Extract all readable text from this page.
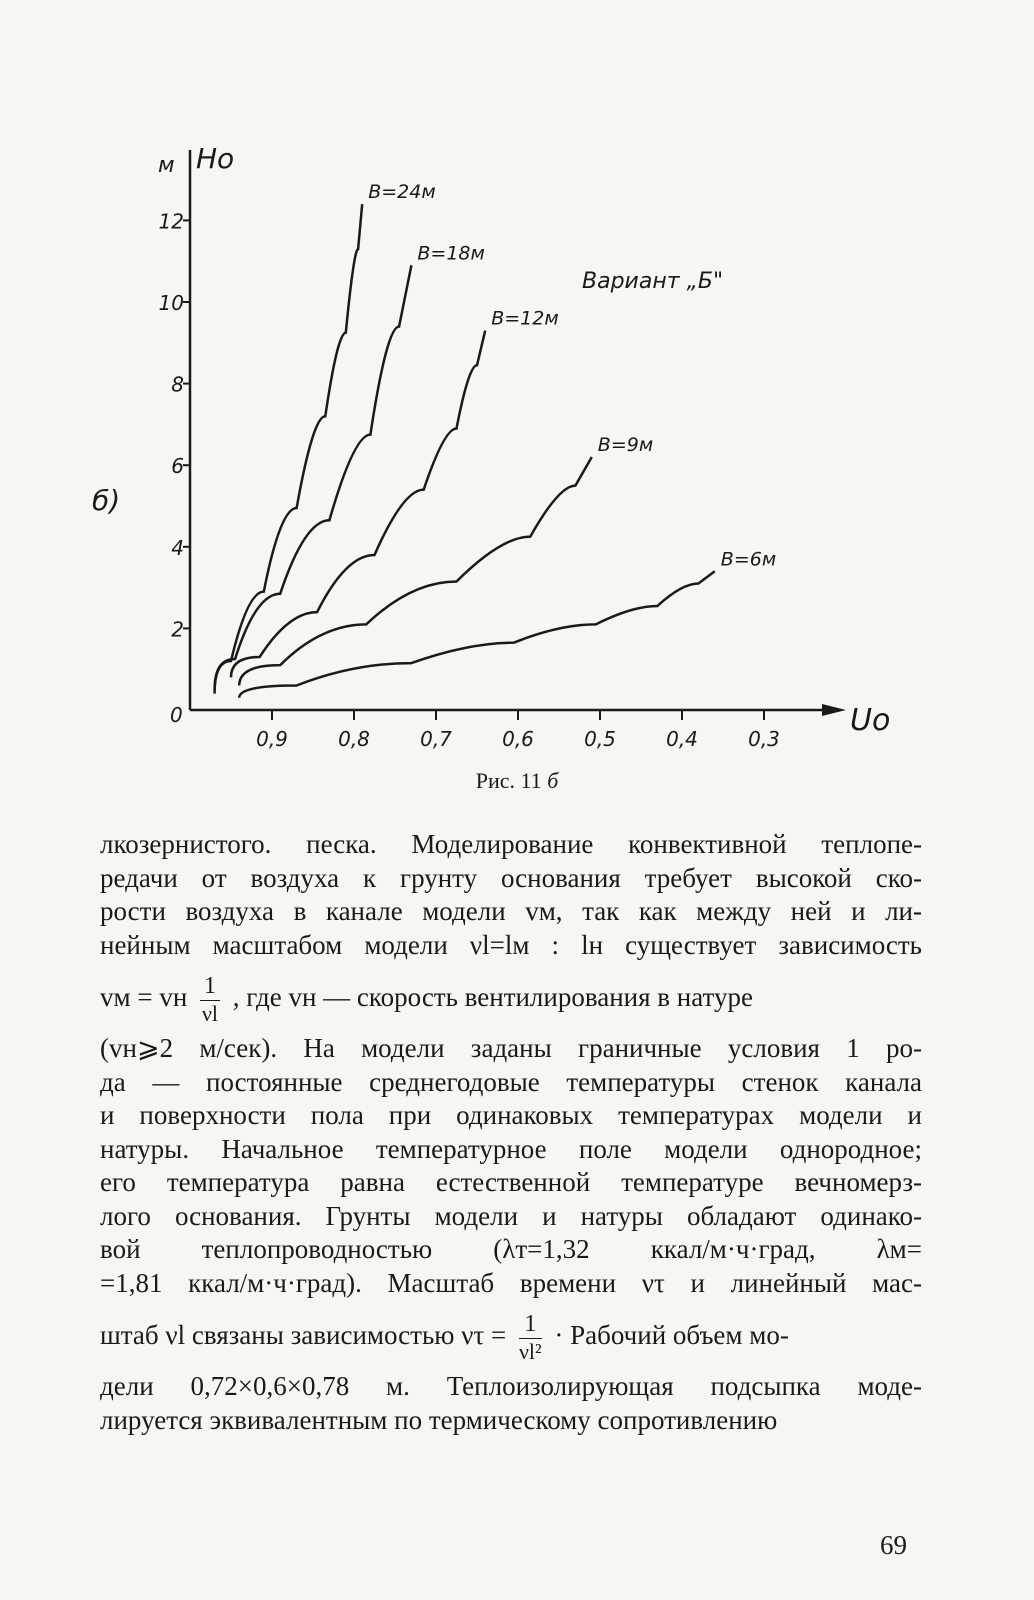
м Hо
Uо
б)
Вариант „Б"
0
2
4
6
8
10
12
0,9	0,8	0,7	0,6	0,5	0,4	0,3
B=24м
B=18м
B=12м
B=9м
B=6м
Рис. 11 б
лкозернистого. песка. Моделирование конвективной теплопе-
редачи от воздуха к грунту основания требует высокой ско-
рости воздуха в канале модели vм, так как между ней и ли-
нейным масштабом модели νl=lм : lн существует зависимость
vм = vн $\frac{1}{\nu l}$ , где vн — скорость вентилирования в натуре
(vн⩾2 м/сек). На модели заданы граничные условия 1 ро-
да — постоянные среднегодовые температуры стенок канала
и поверхности пола при одинаковых температурах модели и
натуры. Начальное температурное поле модели однородное;
его температура равна естественной температуре вечномерз-
лого основания. Грунты модели и натуры обладают одинако-
вой теплопроводностью (λт=1,32 ккал/м·ч·град, λм=
=1,81 ккал/м·ч·град). Масштаб времени ντ и линейный мас-
штаб νl связаны зависимостью $\nu\tau = \frac{1}{\text{νl²}}$ · Рабочий объем мо-
дели 0,72×0,6×0,78 м. Теплоизолирующая подсыпка моде-
лируется эквивалентным по термическому сопротивлению
69
